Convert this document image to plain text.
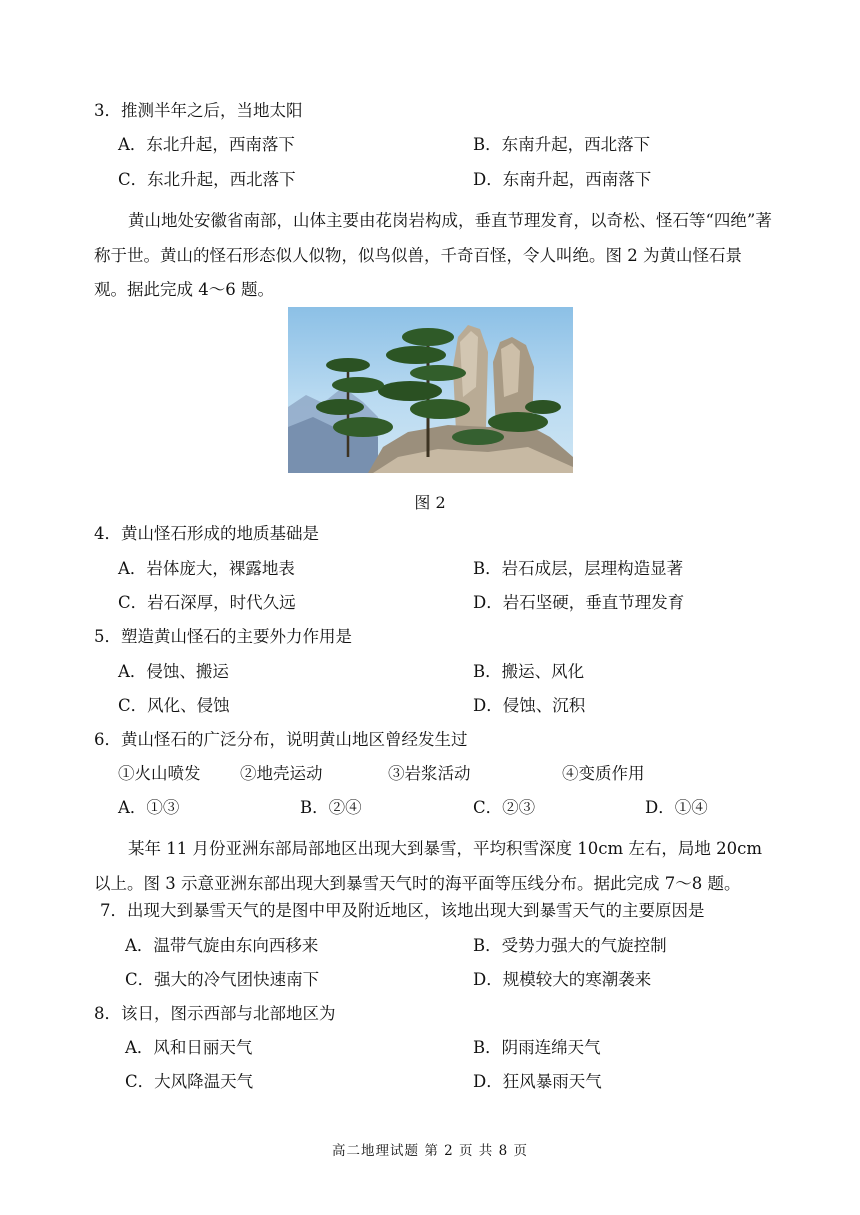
3．推测半年之后，当地太阳
A．东北升起，西南落下	B．东南升起，西北落下
C．东北升起，西北落下	D．东南升起，西南落下
黄山地处安徽省南部，山体主要由花岗岩构成，垂直节理发育，以奇松、怪石等“四绝”著称于世。黄山的怪石形态似人似物，似鸟似兽，千奇百怪，令人叫绝。图 2 为黄山怪石景观。据此完成 4～6 题。
图 2
4．黄山怪石形成的地质基础是
A．岩体庞大，裸露地表	B．岩石成层，层理构造显著
C．岩石深厚，时代久远	D．岩石坚硬，垂直节理发育
5．塑造黄山怪石的主要外力作用是
A．侵蚀、搬运	B．搬运、风化
C．风化、侵蚀	D．侵蚀、沉积
6．黄山怪石的广泛分布，说明黄山地区曾经发生过
①火山喷发 ②地壳运动	③岩浆活动	④变质作用
A．①③	B．②④	C．②③	D．①④
某年 11 月份亚洲东部局部地区出现大到暴雪，平均积雪深度 10cm 左右，局地 20cm 以上。图 3 示意亚洲东部出现大到暴雪天气时的海平面等压线分布。据此完成 7～8 题。
7．出现大到暴雪天气的是图中甲及附近地区，该地出现大到暴雪天气的主要原因是
A．温带气旋由东向西移来	B．受势力强大的气旋控制
C．强大的冷气团快速南下	D．规模较大的寒潮袭来
8．该日，图示西部与北部地区为
A．风和日丽天气	B．阴雨连绵天气
C．大风降温天气	D．狂风暴雨天气
高二地理试题 第 2 页 共 8 页
